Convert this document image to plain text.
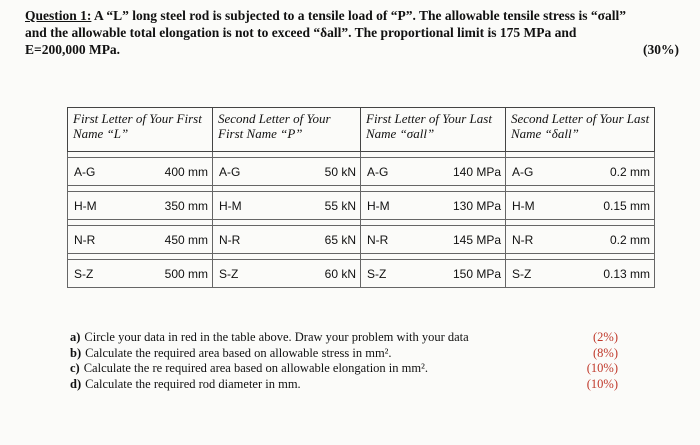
Question 1: A “L” long steel rod is subjected to a tensile load of “P”. The allowable tensile stress is “σall”
and the allowable total elongation is not to exceed “δall”. The proportional limit is 175 MPa and
E=200,000 MPa.	(30%)
First Letter of Your First Name “L”	Second Letter of Your First Name “P”	First Letter of Your Last Name “σall”	Second Letter of Your Last Name “δall”

A-G 400 mm	A-G 50 kN	A-G 140 MPa	A-G 0.2 mm

H-M 350 mm	H-M 55 kN	H-M 130 MPa	H-M 0.15 mm

N-R 450 mm	N-R 65 kN	N-R 145 MPa	N-R 0.2 mm

S-Z 500 mm	S-Z 60 kN	S-Z 150 MPa	S-Z 0.13 mm
a) Circle your data in red in the table above. Draw your problem with your data	(2%)
b) Calculate the required area based on allowable stress in mm².	(8%)
c) Calculate the re required area based on allowable elongation in mm².	(10%)
d) Calculate the required rod diameter in mm.	(10%)
